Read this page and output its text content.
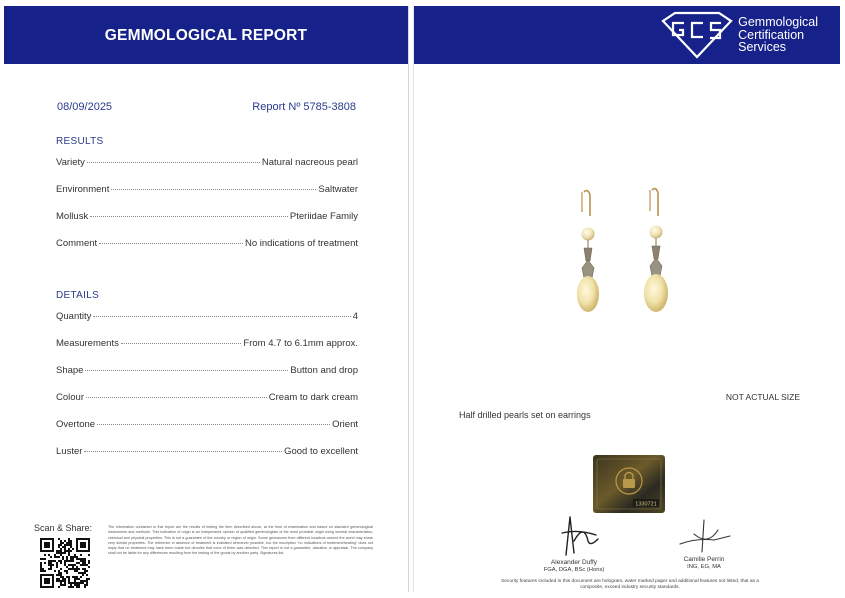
GEMMOLOGICAL REPORT
08/09/2025	Report Nº 5785-3808
RESULTS
Variety	Natural nacreous pearl
Environment	Saltwater
Mollusk	Pteriidae Family
Comment	No indications of treatment
DETAILS
Quantity	4
Measurements	From 4.7 to 6.1mm approx.
Shape	Button and drop
Colour	Cream to dark cream
Overtone	Orient
Luster	Good to excellent
Scan & Share:	The information contained in this report are the results of testing the item described above, at the time of examination and based on standard gemmological instruments and methods. This indication of origin is an independent opinion of qualified gemmologists of the most probable origin using several characteristics, chemical and physical properties. This is not a guarantee of the country or region of origin. Some gemstones from different locations around the world may share very similar properties. The reference in absence of treatment is indicated whenever possible, but the inscription "no indications of treatment/heating" does not imply that no treatment may have been made but denotes that none of them was detected. This report is not a guarantee, valuation or appraisal. The company shall not be liable for any differences resulting from the testing of the goods by another party. Signatures list.
Gemmological
Certification
Services
NOT ACTUAL SIZE
Half drilled pearls set on earrings
1330721
Alexander Duffy
FGA, DGA, BSc (Hons)
Camille Perrin
ING, EG, MA
Security features included in this document are hologram, water marked paper and additional features not listed, that as a composite, exceed industry security standards.
